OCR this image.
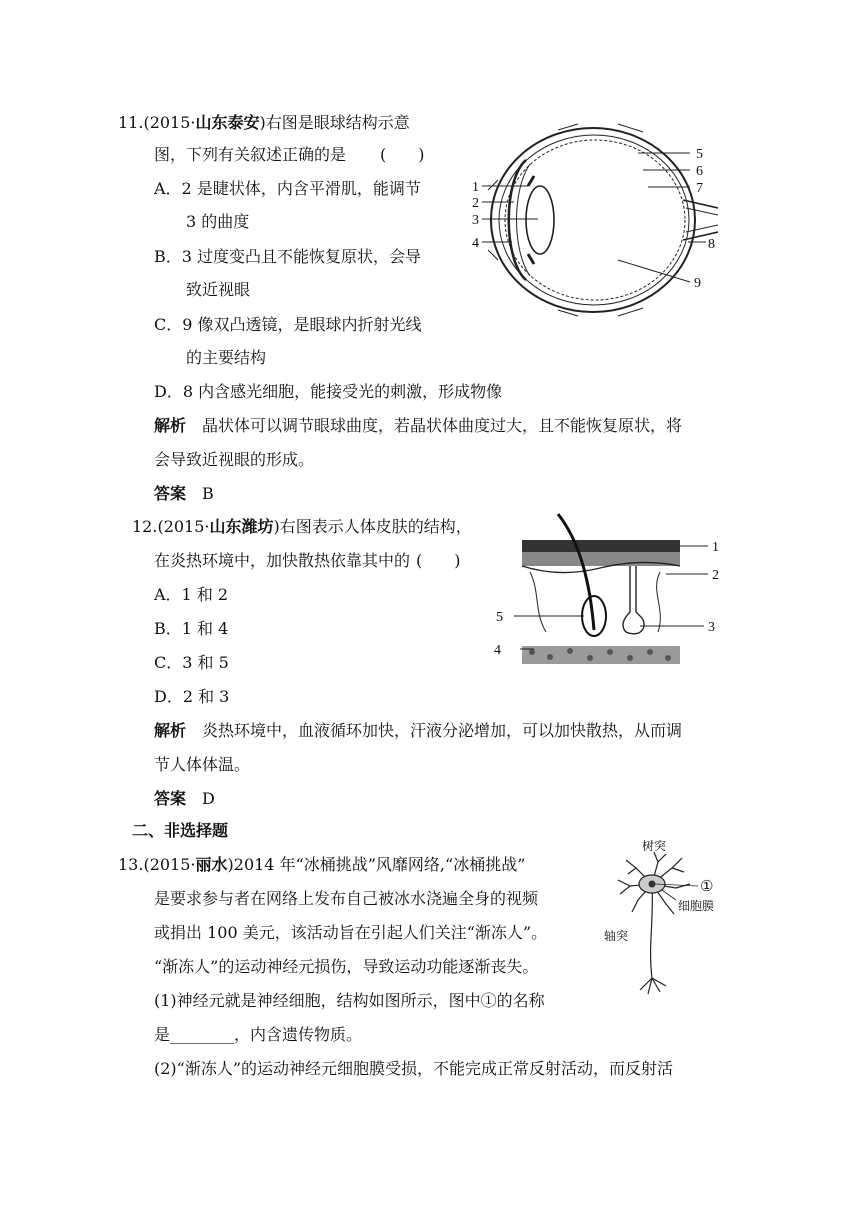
11.(2015·山东泰安)右图是眼球结构示意
图，下列有关叙述正确的是 (　　)
A．2 是睫状体，内含平滑肌，能调节
3 的曲度
B．3 过度变凸且不能恢复原状，会导
致近视眼
C．9 像双凸透镜，是眼球内折射光线
的主要结构
D．8 内含感光细胞，能接受光的刺激，形成物像
解析 晶状体可以调节眼球曲度，若晶状体曲度过大，且不能恢复原状，将
会导致近视眼的形成。
答案 B
1
2
3
4
5
6
7
8
9
12.(2015·山东潍坊)右图表示人体皮肤的结构，
在炎热环境中，加快散热依靠其中的 (　　)
A．1 和 2
B．1 和 4
C．3 和 5
D．2 和 3
解析 炎热环境中，血液循环加快，汗液分泌增加，可以加快散热，从而调
节人体体温。
答案 D
1
2
3
4
5
二、非选择题
13.(2015·丽水)2014 年“冰桶挑战”风靡网络,“冰桶挑战”
是要求参与者在网络上发布自己被冰水浇遍全身的视频
或捐出 100 美元，该活动旨在引起人们关注“渐冻人”。
“渐冻人”的运动神经元损伤，导致运动功能逐渐丧失。
(1)神经元就是神经细胞，结构如图所示，图中①的名称
是________，内含遗传物质。
(2)“渐冻人”的运动神经元细胞膜受损，不能完成正常反射活动，而反射活
树突
①
细胞膜
轴突
